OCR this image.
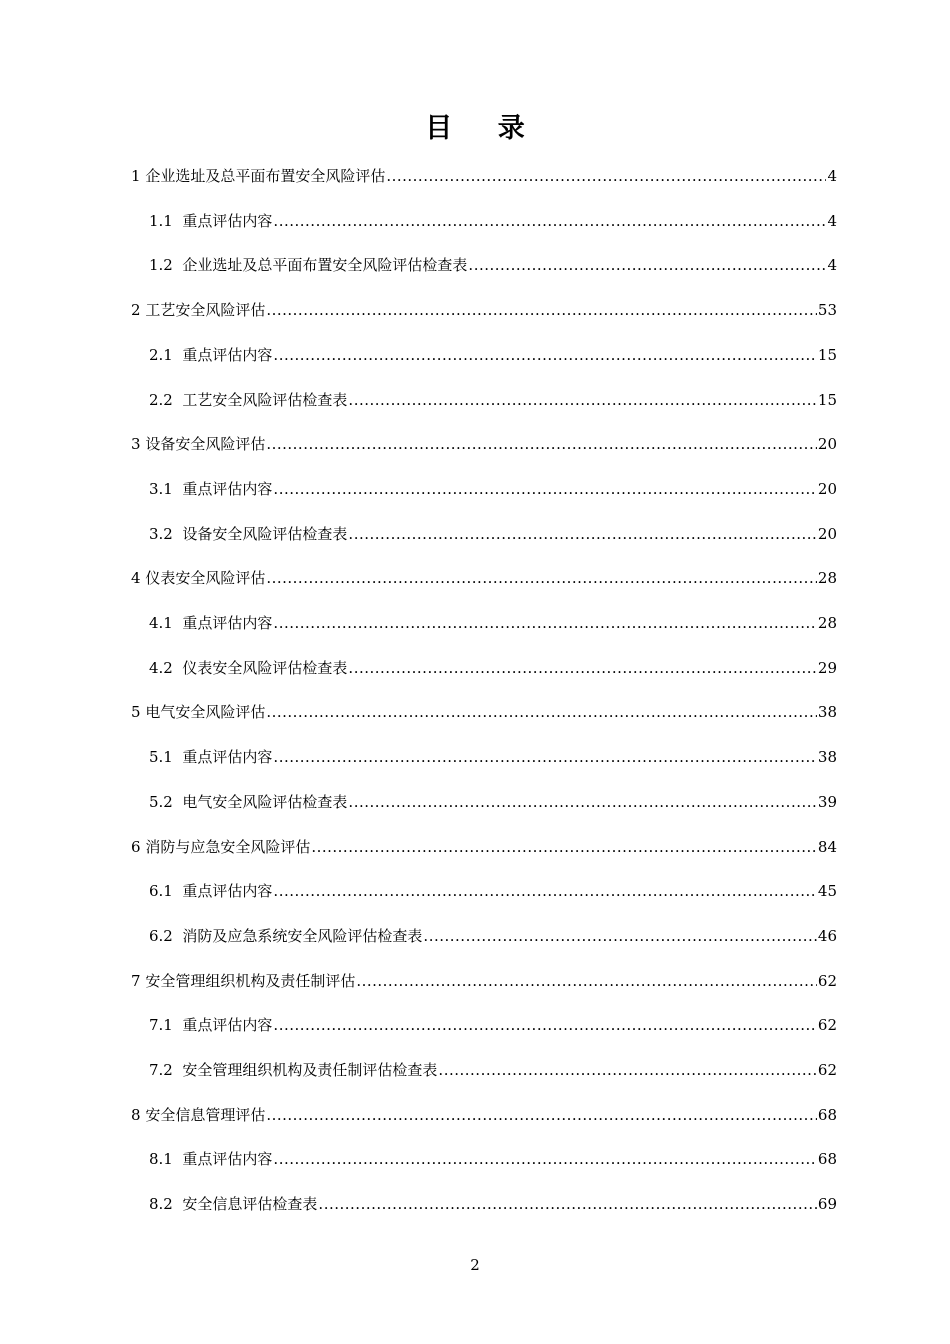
目 录
1 企业选址及总平面布置安全风险评估 .....	4
1.1 重点评估内容 .....	4
1.2 企业选址及总平面布置安全风险评估检查表 .....	4
2 工艺安全风险评估 .....	53
2.1 重点评估内容 .....	15
2.2 工艺安全风险评估检查表 .....	15
3 设备安全风险评估 .....	20
3.1 重点评估内容 .....	20
3.2 设备安全风险评估检查表 .....	20
4 仪表安全风险评估 .....	28
4.1 重点评估内容 .....	28
4.2 仪表安全风险评估检查表 .....	29
5 电气安全风险评估 .....	38
5.1 重点评估内容 .....	38
5.2 电气安全风险评估检查表 .....	39
6 消防与应急安全风险评估 .....	84
6.1 重点评估内容 .....	45
6.2 消防及应急系统安全风险评估检查表 .....	46
7 安全管理组织机构及责任制评估 .....	62
7.1 重点评估内容 .....	62
7.2 安全管理组织机构及责任制评估检查表 .....	62
8 安全信息管理评估 .....	68
8.1 重点评估内容 .....	68
8.2 安全信息评估检查表 .....	69
2
